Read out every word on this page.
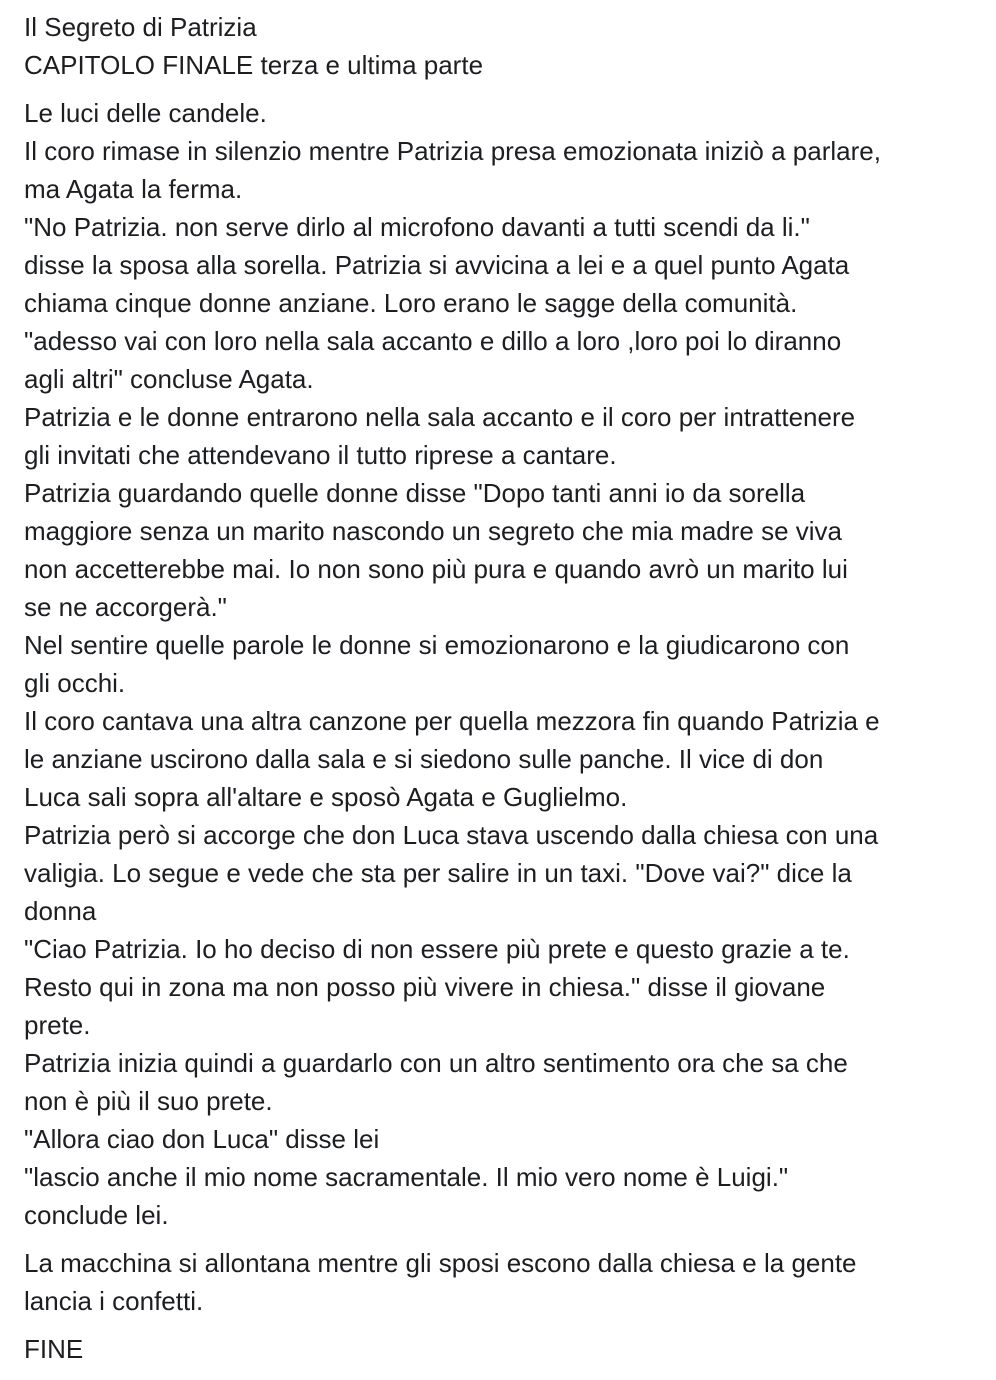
Il Segreto di Patrizia
CAPITOLO FINALE terza e ultima parte
Le luci delle candele.
Il coro rimase in silenzio mentre Patrizia presa emozionata iniziò a parlare,
ma Agata la ferma.
"No Patrizia. non serve dirlo al microfono davanti a tutti scendi da li."
disse la sposa alla sorella. Patrizia si avvicina a lei e a quel punto Agata
chiama cinque donne anziane. Loro erano le sagge della comunità.
"adesso vai con loro nella sala accanto e dillo a loro ,loro poi lo diranno
agli altri" concluse Agata.
Patrizia e le donne entrarono nella sala accanto e il coro per intrattenere
gli invitati che attendevano il tutto riprese a cantare.
Patrizia guardando quelle donne disse "Dopo tanti anni io da sorella
maggiore senza un marito nascondo un segreto che mia madre se viva
non accetterebbe mai. Io non sono più pura e quando avrò un marito lui
se ne accorgerà."
Nel sentire quelle parole le donne si emozionarono e la giudicarono con
gli occhi.
Il coro cantava una altra canzone per quella mezzora fin quando Patrizia e
le anziane uscirono dalla sala e si siedono sulle panche. Il vice di don
Luca sali sopra all'altare e sposò Agata e Guglielmo.
Patrizia però si accorge che don Luca stava uscendo dalla chiesa con una
valigia. Lo segue e vede che sta per salire in un taxi. "Dove vai?" dice la
donna
"Ciao Patrizia. Io ho deciso di non essere più prete e questo grazie a te.
Resto qui in zona ma non posso più vivere in chiesa." disse il giovane
prete.
Patrizia inizia quindi a guardarlo con un altro sentimento ora che sa che
non è più il suo prete.
"Allora ciao don Luca" disse lei
"lascio anche il mio nome sacramentale. Il mio vero nome è Luigi."
conclude lei.
La macchina si allontana mentre gli sposi escono dalla chiesa e la gente
lancia i confetti.
FINE
